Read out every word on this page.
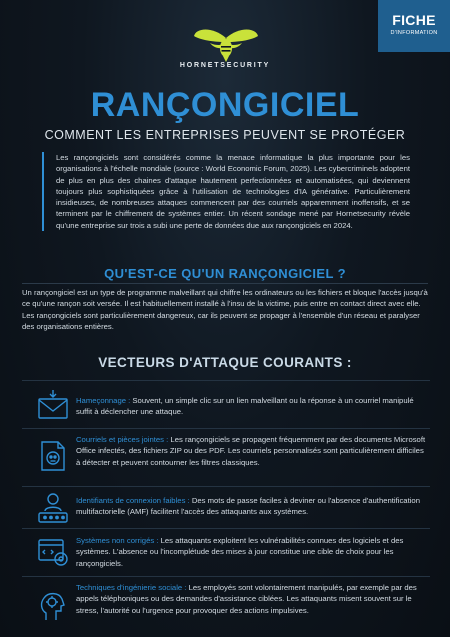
FICHE
D'INFORMATION
HORNETSECURITY
RANÇONGICIEL
COMMENT LES ENTREPRISES PEUVENT SE PROTÉGER

Les rançongiciels sont considérés comme la menace informatique la plus importante pour les organisations à l'échelle mondiale (source : World Economic Forum, 2025). Les cybercriminels adoptent de plus en plus des chaines d'attaque hautement perfectionnées et automatisées, qui deviennent toujours plus sophistiquées grâce à l'utilisation de technologies d'IA générative. Particulièrement insidieuses, de nombreuses attaques commencent par des courriels apparemment inoffensifs, et se terminent par le chiffrement de systèmes entier. Un récent sondage mené par Hornetsecurity révèle qu'une entreprise sur trois a subi une perte de données due aux rançongiciels en 2024.

QU'EST-CE QU'UN RANÇONGICIEL ?

Un rançongiciel est un type de programme malveillant qui chiffre les ordinateurs ou les fichiers et bloque l'accès jusqu'à ce qu'une rançon soit versée. Il est habituellement installé à l'insu de la victime, puis entre en contact direct avec elle. Les rançongiciels sont particulièrement dangereux, car ils peuvent se propager à l'ensemble d'un réseau et paralyser des organisations entières.

VECTEURS D'ATTAQUE COURANTS :
Hameçonnage : Souvent, un simple clic sur un lien malveillant ou la réponse à un courriel manipulé suffit à déclencher une attaque.
Courriels et pièces jointes : Les rançongiciels se propagent fréquemment par des documents Microsoft Office infectés, des fichiers ZIP ou des PDF. Les courriels personnalisés sont particulièrement difficiles à détecter et peuvent contourner les filtres classiques.
Identifiants de connexion faibles : Des mots de passe faciles à deviner ou l'absence d'authentification multifactorielle (AMF) facilitent l'accès des attaquants aux systèmes.
Systèmes non corrigés : Les attaquants exploitent les vulnérabilités connues des logiciels et des systèmes. L'absence ou l'incomplétude des mises à jour constitue une cible de choix pour les rançongiciels.
Techniques d'ingénierie sociale : Les employés sont volontairement manipulés, par exemple par des appels téléphoniques ou des demandes d'assistance ciblées. Les attaquants misent souvent sur le stress, l'autorité ou l'urgence pour provoquer des actions impulsives.
